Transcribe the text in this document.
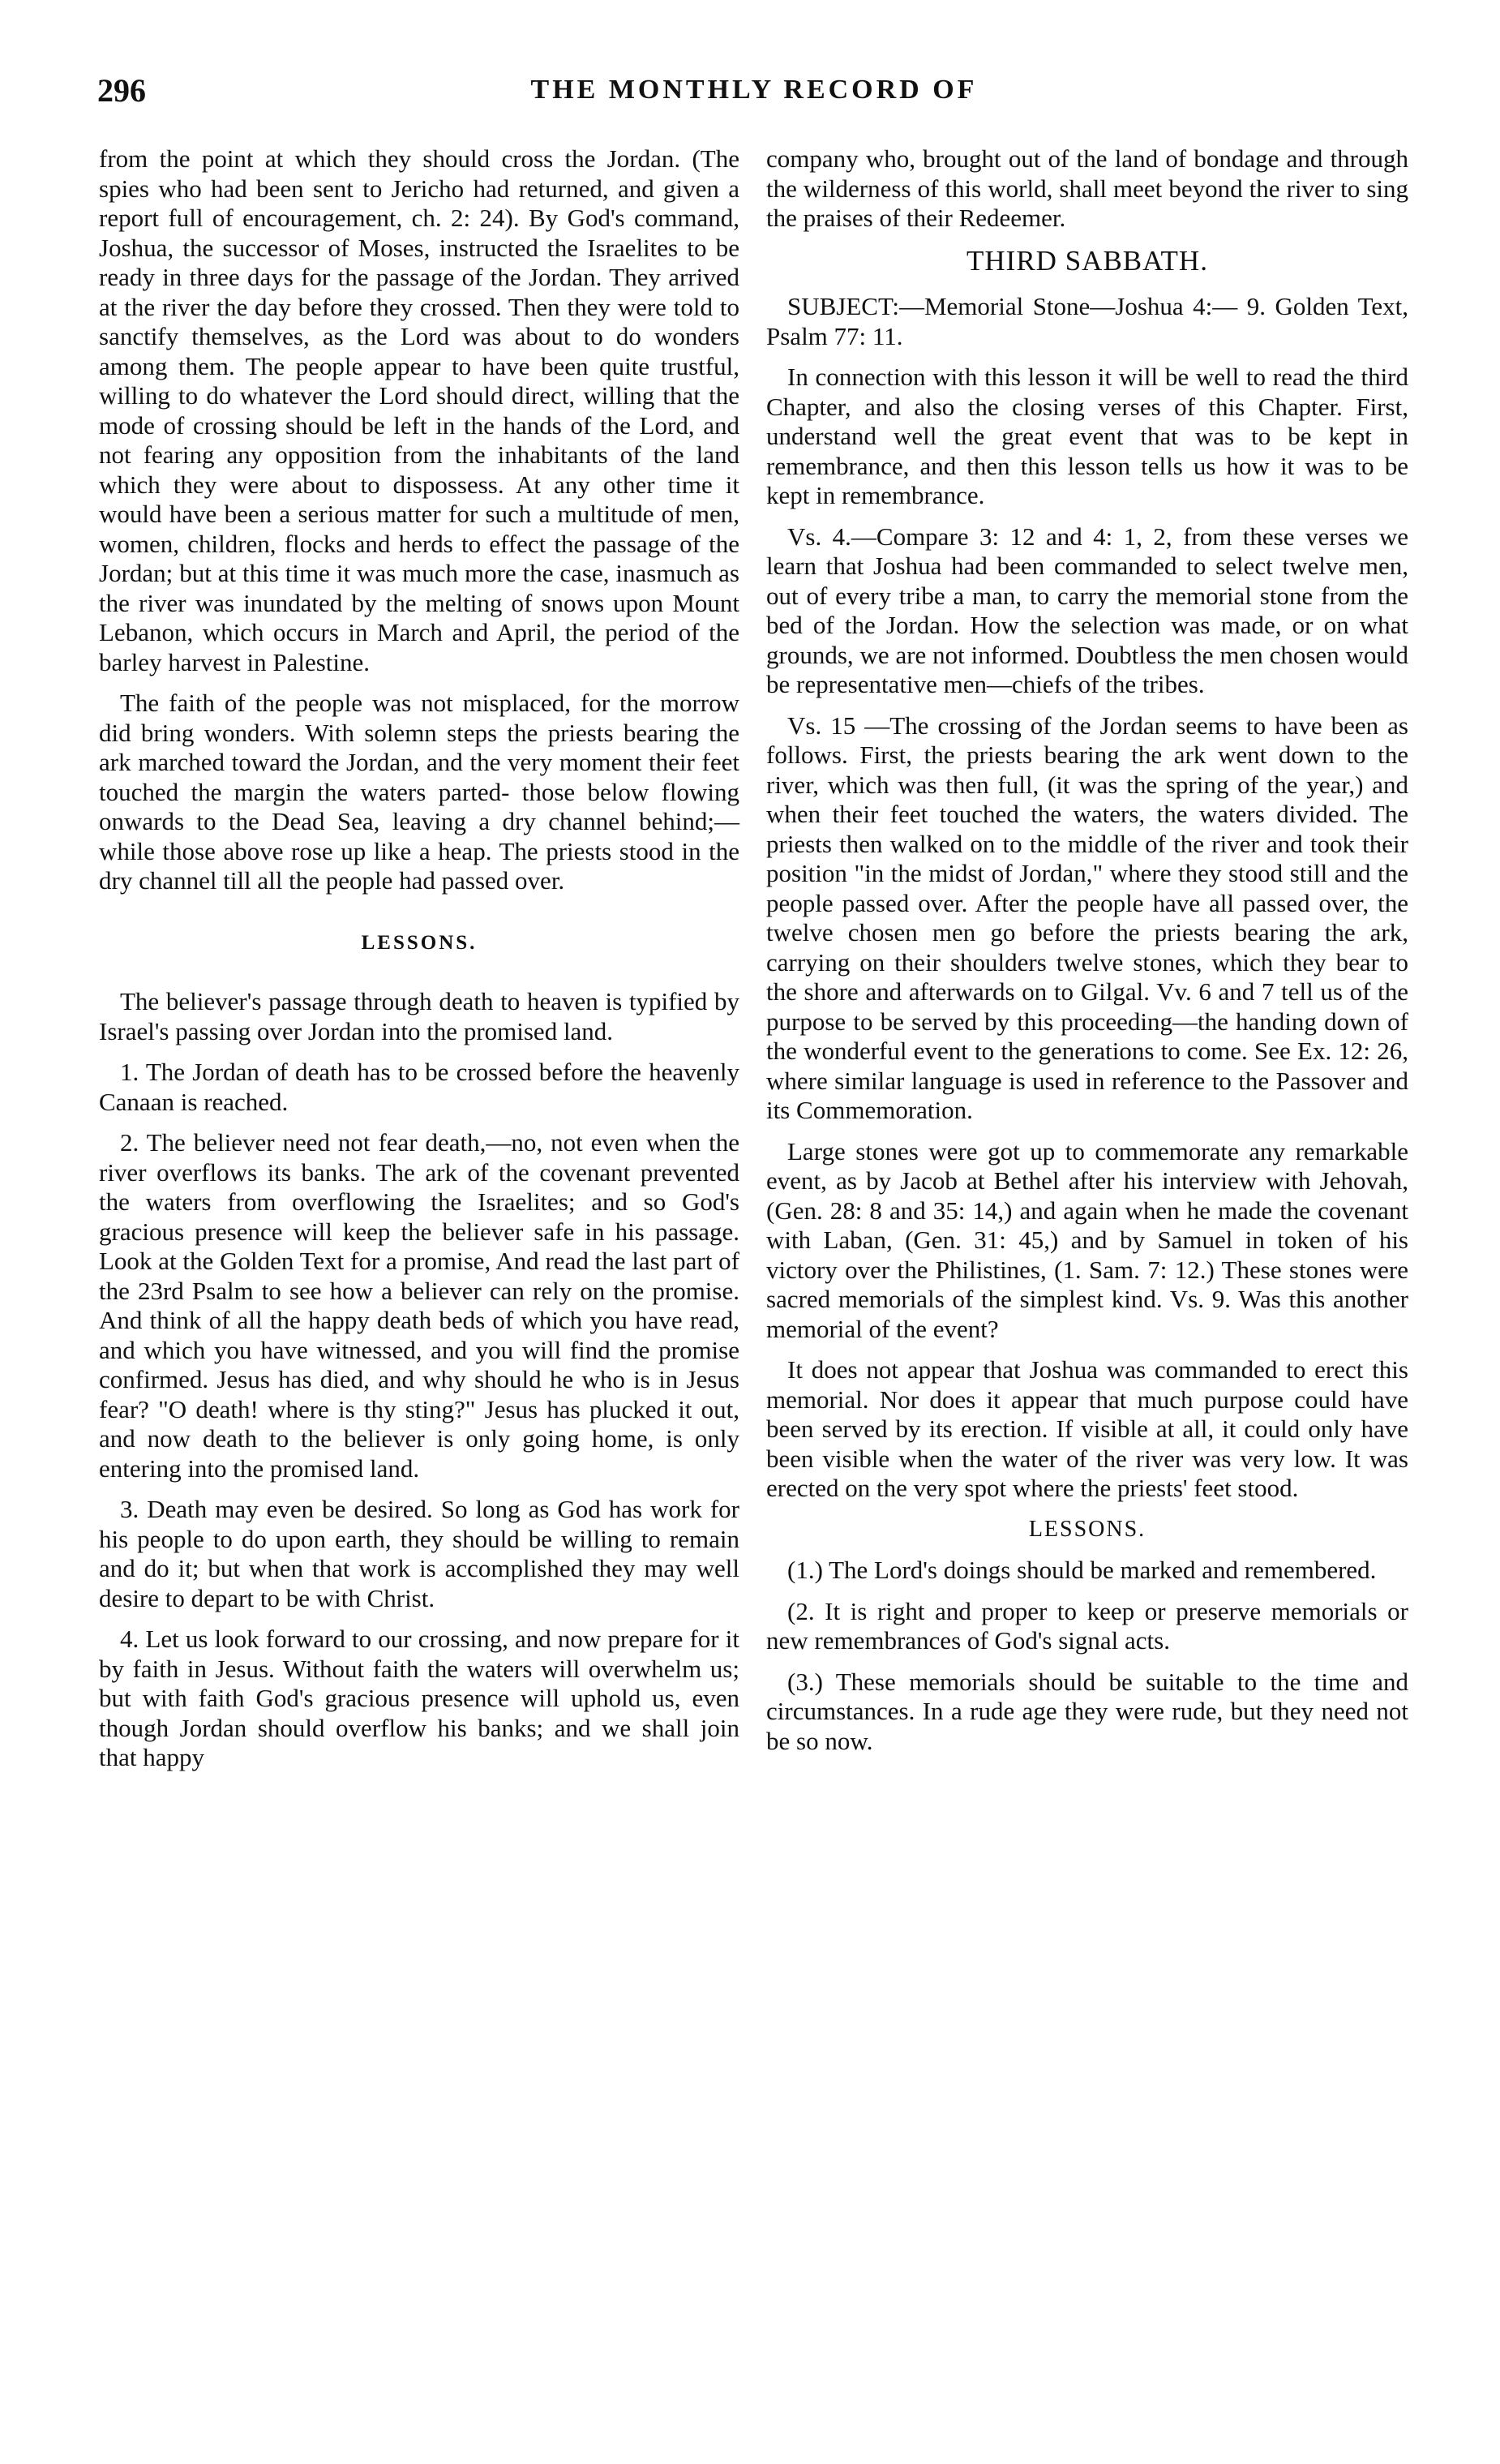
296	THE MONTHLY RECORD OF

from the point at which they should cross the Jordan. (The spies who had been sent to Jericho had returned, and given a report full of encouragement, ch. 2: 24). By God's command, Joshua, the successor of Moses, instructed the Israelites to be ready in three days for the passage of the Jordan. They arrived at the river the day before they crossed. Then they were told to sanctify themselves, as the Lord was about to do wonders among them. The people appear to have been quite trustful, willing to do whatever the Lord should direct, willing that the mode of crossing should be left in the hands of the Lord, and not fearing any opposition from the inhabitants of the land which they were about to dispossess. At any other time it would have been a serious matter for such a multitude of men, women, children, flocks and herds to effect the passage of the Jordan; but at this time it was much more the case, inasmuch as the river was inundated by the melting of snows upon Mount Lebanon, which occurs in March and April, the period of the barley harvest in Palestine.

The faith of the people was not misplaced, for the morrow did bring wonders. With solemn steps the priests bearing the ark marched toward the Jordan, and the very moment their feet touched the margin the waters parted- those below flowing onwards to the Dead Sea, leaving a dry channel behind;— while those above rose up like a heap. The priests stood in the dry channel till all the people had passed over.

LESSONS.

The believer's passage through death to heaven is typified by Israel's passing over Jordan into the promised land.

1. The Jordan of death has to be crossed before the heavenly Canaan is reached.

2. The believer need not fear death,—no, not even when the river overflows its banks. The ark of the covenant prevented the waters from overflowing the Israelites; and so God's gracious presence will keep the believer safe in his passage. Look at the Golden Text for a promise, And read the last part of the 23rd Psalm to see how a believer can rely on the promise. And think of all the happy death beds of which you have read, and which you have witnessed, and you will find the promise confirmed. Jesus has died, and why should he who is in Jesus fear? "O death! where is thy sting?" Jesus has plucked it out, and now death to the believer is only going home, is only entering into the promised land.

3. Death may even be desired. So long as God has work for his people to do upon earth, they should be willing to remain and do it; but when that work is accomplished they may well desire to depart to be with Christ.

4. Let us look forward to our crossing, and now prepare for it by faith in Jesus. Without faith the waters will overwhelm us; but with faith God's gracious presence will uphold us, even though Jordan should overflow his banks; and we shall join that happy

company who, brought out of the land of bondage and through the wilderness of this world, shall meet beyond the river to sing the praises of their Redeemer.

THIRD SABBATH.

SUBJECT:—Memorial Stone—Joshua 4:— 9. Golden Text, Psalm 77: 11.

In connection with this lesson it will be well to read the third Chapter, and also the closing verses of this Chapter. First, understand well the great event that was to be kept in remembrance, and then this lesson tells us how it was to be kept in remembrance.

Vs. 4.—Compare 3: 12 and 4: 1, 2, from these verses we learn that Joshua had been commanded to select twelve men, out of every tribe a man, to carry the memorial stone from the bed of the Jordan. How the selection was made, or on what grounds, we are not informed. Doubtless the men chosen would be representative men—chiefs of the tribes.

Vs. 15 —The crossing of the Jordan seems to have been as follows. First, the priests bearing the ark went down to the river, which was then full, (it was the spring of the year,) and when their feet touched the waters, the waters divided. The priests then walked on to the middle of the river and took their position "in the midst of Jordan," where they stood still and the people passed over. After the people have all passed over, the twelve chosen men go before the priests bearing the ark, carrying on their shoulders twelve stones, which they bear to the shore and afterwards on to Gilgal. Vv. 6 and 7 tell us of the purpose to be served by this proceeding—the handing down of the wonderful event to the generations to come. See Ex. 12: 26, where similar language is used in reference to the Passover and its Commemoration.

Large stones were got up to commemorate any remarkable event, as by Jacob at Bethel after his interview with Jehovah, (Gen. 28: 8 and 35: 14,) and again when he made the covenant with Laban, (Gen. 31: 45,) and by Samuel in token of his victory over the Philistines, (1. Sam. 7: 12.) These stones were sacred memorials of the simplest kind. Vs. 9. Was this another memorial of the event?

It does not appear that Joshua was commanded to erect this memorial. Nor does it appear that much purpose could have been served by its erection. If visible at all, it could only have been visible when the water of the river was very low. It was erected on the very spot where the priests' feet stood.

LESSONS.

(1.) The Lord's doings should be marked and remembered.

(2. It is right and proper to keep or preserve memorials or new remembrances of God's signal acts.

(3.) These memorials should be suitable to the time and circumstances. In a rude age they were rude, but they need not be so now.
